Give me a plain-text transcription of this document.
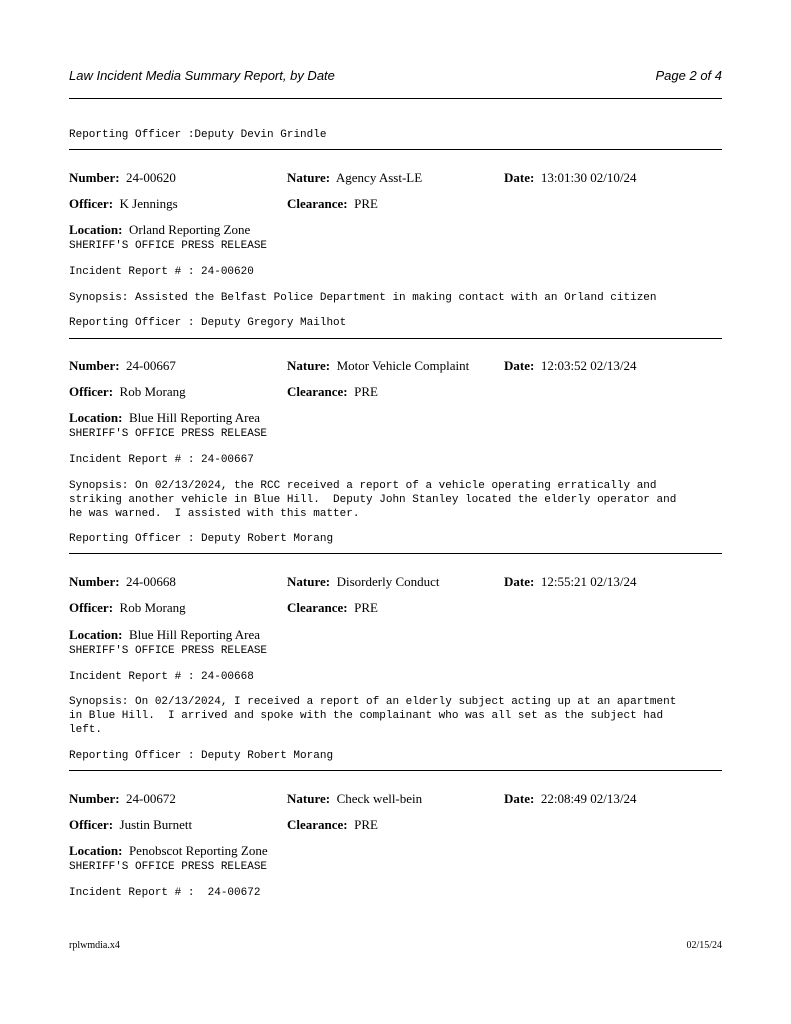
Law Incident Media Summary Report, by Date	Page 2 of 4
Reporting Officer :Deputy Devin Grindle
Number: 24-00620	Nature: Agency Asst-LE	Date: 13:01:30 02/10/24
Officer: K Jennings	Clearance: PRE
Location: Orland Reporting Zone
SHERIFF'S OFFICE PRESS RELEASE
Incident Report # : 24-00620
Synopsis: Assisted the Belfast Police Department in making contact with an Orland citizen
Reporting Officer : Deputy Gregory Mailhot
Number: 24-00667	Nature: Motor Vehicle Complaint	Date: 12:03:52 02/13/24
Officer: Rob Morang	Clearance: PRE
Location: Blue Hill Reporting Area
SHERIFF'S OFFICE PRESS RELEASE
Incident Report # : 24-00667
Synopsis: On 02/13/2024, the RCC received a report of a vehicle operating erratically and
striking another vehicle in Blue Hill.  Deputy John Stanley located the elderly operator and
he was warned.  I assisted with this matter.
Reporting Officer : Deputy Robert Morang
Number: 24-00668	Nature: Disorderly Conduct	Date: 12:55:21 02/13/24
Officer: Rob Morang	Clearance: PRE
Location: Blue Hill Reporting Area
SHERIFF'S OFFICE PRESS RELEASE
Incident Report # : 24-00668
Synopsis: On 02/13/2024, I received a report of an elderly subject acting up at an apartment
in Blue Hill.  I arrived and spoke with the complainant who was all set as the subject had
left.
Reporting Officer : Deputy Robert Morang
Number: 24-00672	Nature: Check well-bein	Date: 22:08:49 02/13/24
Officer: Justin Burnett	Clearance: PRE
Location: Penobscot Reporting Zone
SHERIFF'S OFFICE PRESS RELEASE
Incident Report # :  24-00672
rplwmdia.x4	02/15/24
